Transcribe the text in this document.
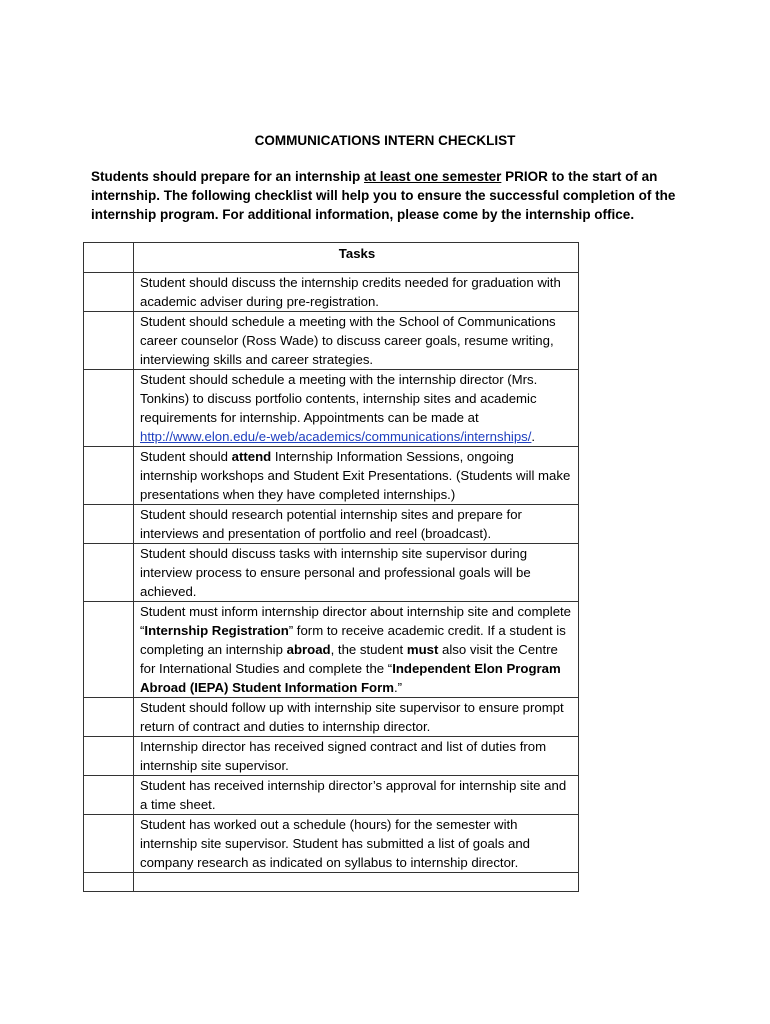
COMMUNICATIONS INTERN CHECKLIST
Students should prepare for an internship at least one semester PRIOR to the start of an internship. The following checklist will help you to ensure the successful completion of the internship program. For additional information, please come by the internship office.
	Tasks
	Student should discuss the internship credits needed for graduation with academic adviser during pre-registration.
	Student should schedule a meeting with the School of Communications career counselor (Ross Wade) to discuss career goals, resume writing, interviewing skills and career strategies.
	Student should schedule a meeting with the internship director (Mrs. Tonkins) to discuss portfolio contents, internship sites and academic requirements for internship. Appointments can be made at http://www.elon.edu/e-web/academics/communications/internships/.
	Student should attend Internship Information Sessions, ongoing internship workshops and Student Exit Presentations. (Students will make presentations when they have completed internships.)
	Student should research potential internship sites and prepare for interviews and presentation of portfolio and reel (broadcast).
	Student should discuss tasks with internship site supervisor during interview process to ensure personal and professional goals will be achieved.
	Student must inform internship director about internship site and complete “Internship Registration” form to receive academic credit. If a student is completing an internship abroad, the student must also visit the Centre for International Studies and complete the “Independent Elon Program Abroad (IEPA) Student Information Form.”
	Student should follow up with internship site supervisor to ensure prompt return of contract and duties to internship director.
	Internship director has received signed contract and list of duties from internship site supervisor.
	Student has received internship director’s approval for internship site and a time sheet.
	Student has worked out a schedule (hours) for the semester with internship site supervisor. Student has submitted a list of goals and company research as indicated on syllabus to internship director.
